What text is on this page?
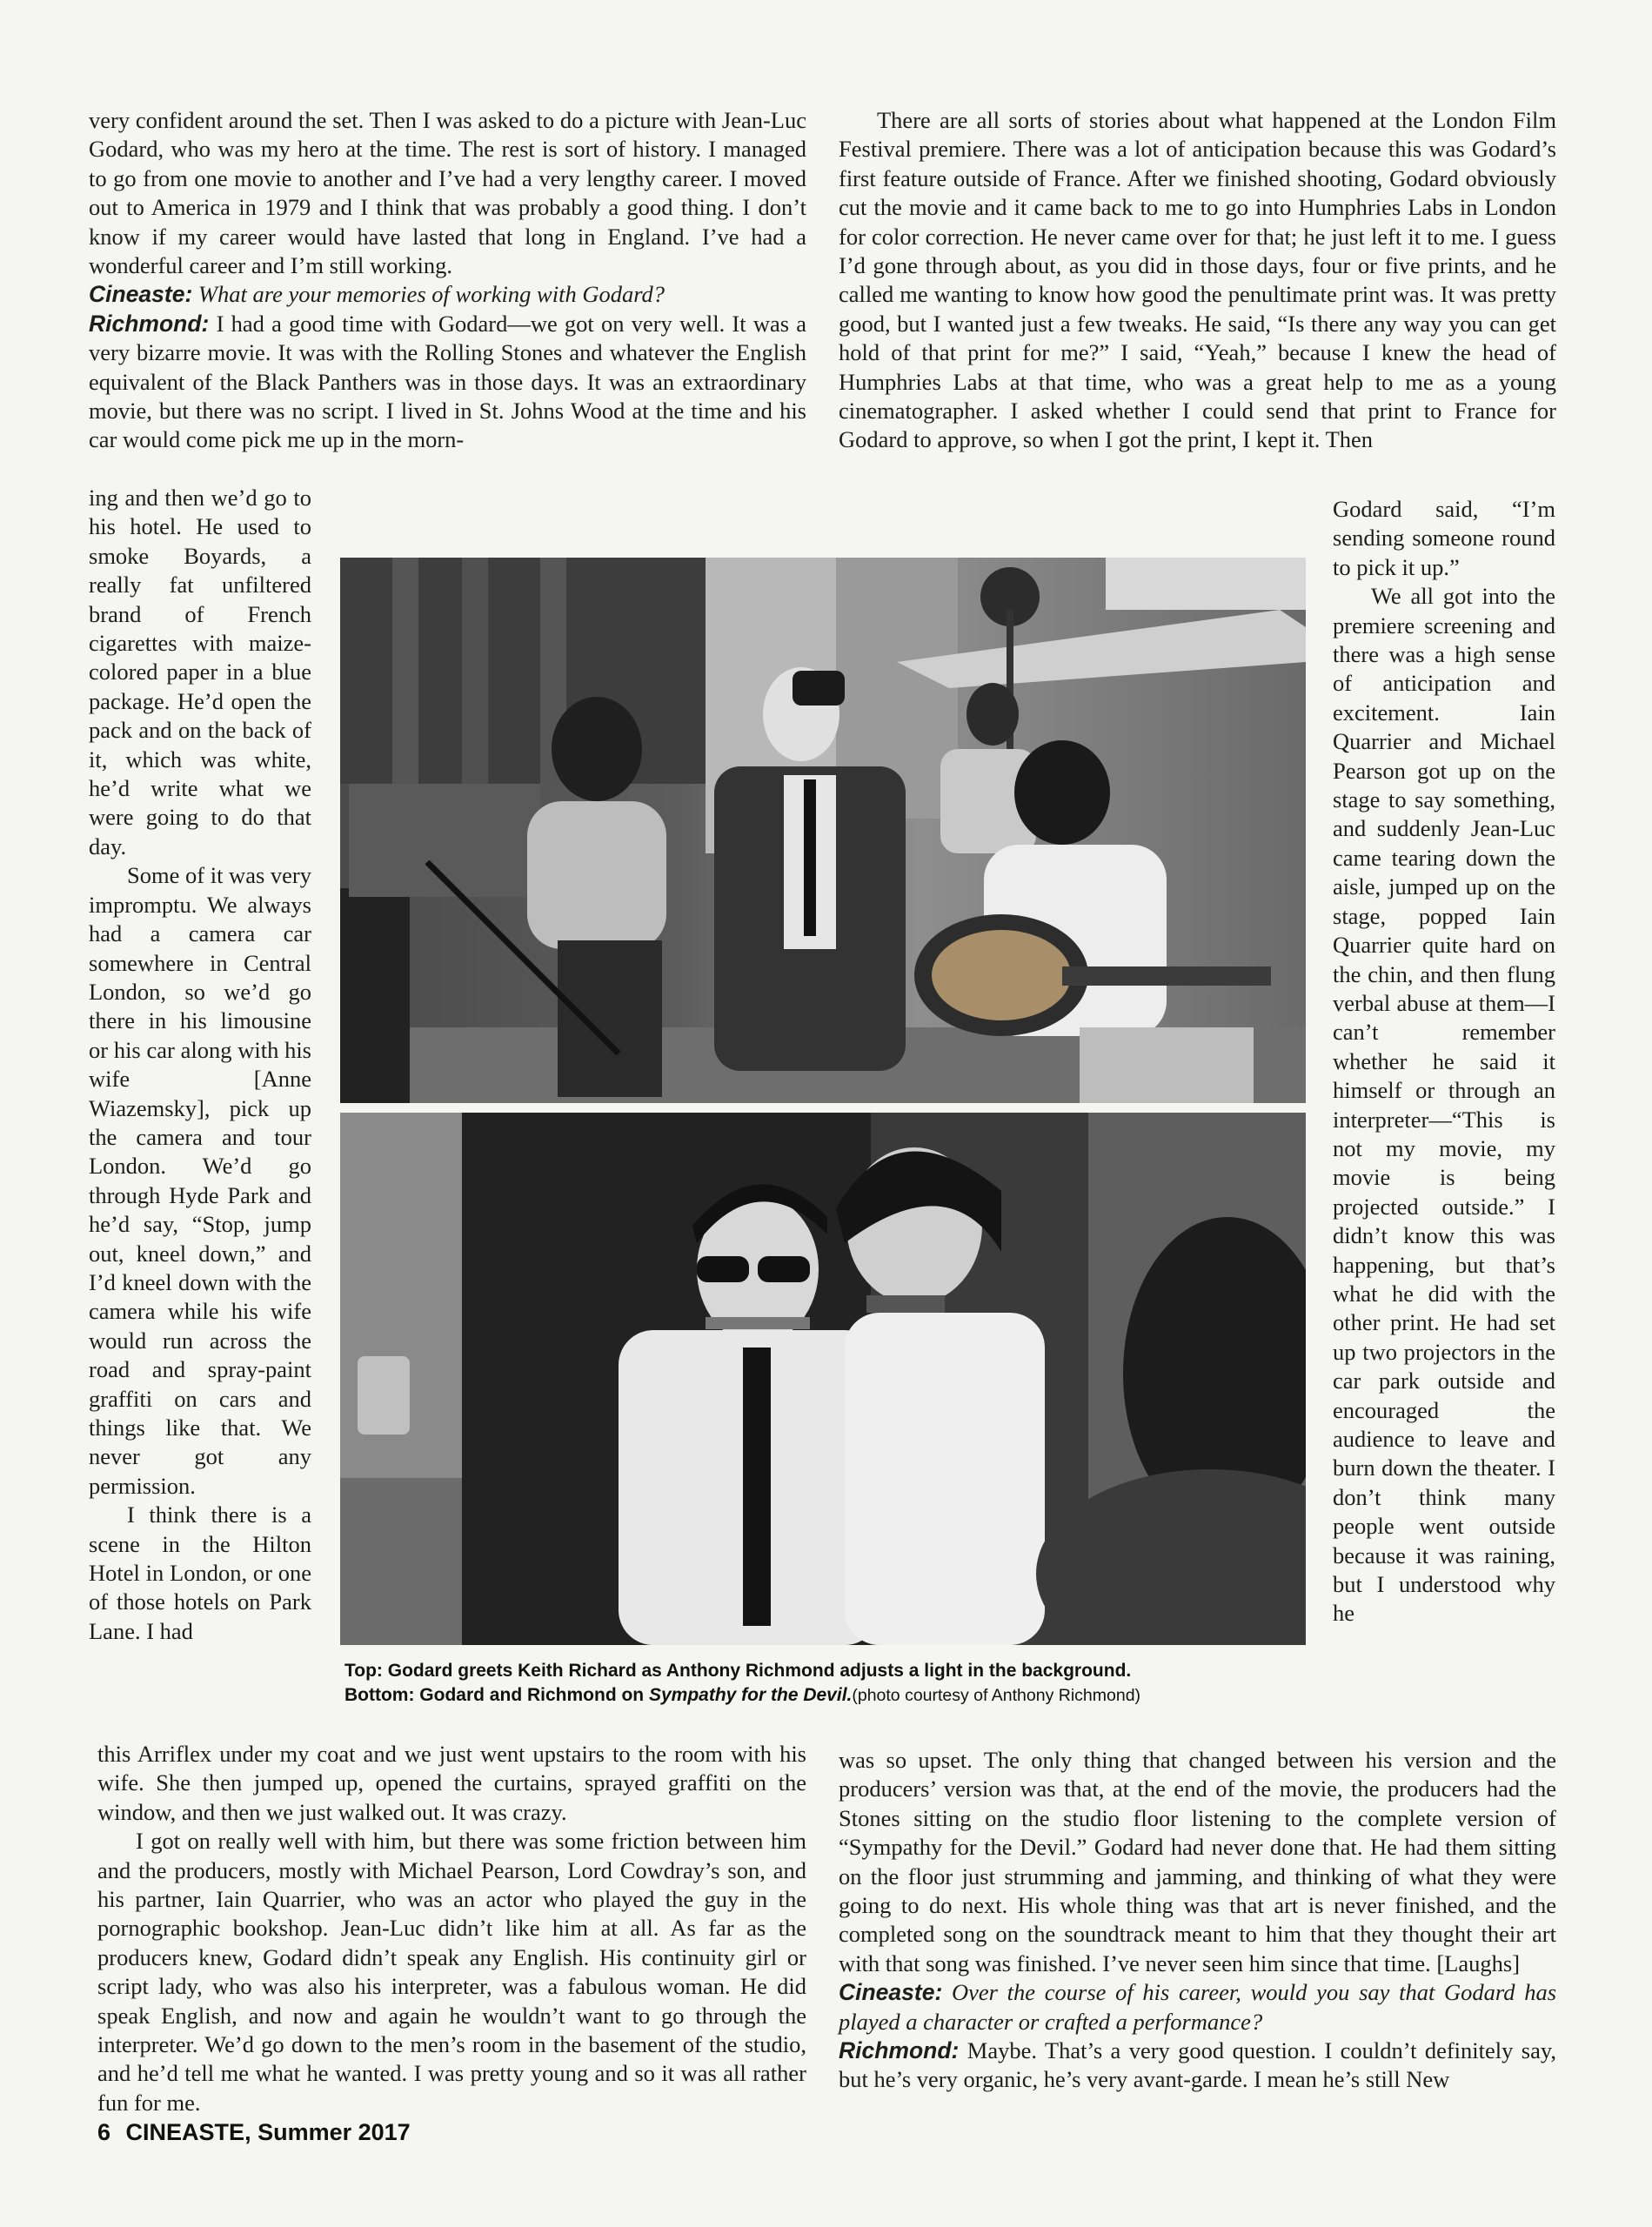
very confident around the set. Then I was asked to do a picture with Jean-Luc Godard, who was my hero at the time. The rest is sort of history. I managed to go from one movie to another and I’ve had a very lengthy career. I moved out to America in 1979 and I think that was probably a good thing. I don’t know if my career would have lasted that long in England. I’ve had a wonderful career and I’m still working.

Cineaste: What are your memories of working with Godard?

Richmond: I had a good time with Godard—we got on very well. It was a very bizarre movie. It was with the Rolling Stones and whatever the English equivalent of the Black Panthers was in those days. It was an extraordinary movie, but there was no script. I lived in St. Johns Wood at the time and his car would come pick me up in the morn-

ing and then we’d go to his hotel. He used to smoke Boyards, a really fat unfiltered brand of French cigarettes with maize-colored paper in a blue package. He’d open the pack and on the back of it, which was white, he’d write what we were going to do that day.

Some of it was very impromptu. We always had a camera car somewhere in Central London, so we’d go there in his limousine or his car along with his wife [Anne Wiazemsky], pick up the camera and tour London. We’d go through Hyde Park and he’d say, “Stop, jump out, kneel down,” and I’d kneel down with the camera while his wife would run across the road and spray-paint graffiti on cars and things like that. We never got any permission.

I think there is a scene in the Hilton Hotel in London, or one of those hotels on Park Lane. I had

this Arriflex under my coat and we just went upstairs to the room with his wife. She then jumped up, opened the curtains, sprayed graffiti on the window, and then we just walked out. It was crazy.

I got on really well with him, but there was some friction between him and the producers, mostly with Michael Pearson, Lord Cowdray’s son, and his partner, Iain Quarrier, who was an actor who played the guy in the pornographic bookshop. Jean-Luc didn’t like him at all. As far as the producers knew, Godard didn’t speak any English. His continuity girl or script lady, who was also his interpreter, was a fabulous woman. He did speak English, and now and again he wouldn’t want to go through the interpreter. We’d go down to the men’s room in the basement of the studio, and he’d tell me what he wanted. I was pretty young and so it was all rather fun for me.

There are all sorts of stories about what happened at the London Film Festival premiere. There was a lot of anticipation because this was Godard’s first feature outside of France. After we finished shooting, Godard obviously cut the movie and it came back to me to go into Humphries Labs in London for color correction. He never came over for that; he just left it to me. I guess I’d gone through about, as you did in those days, four or five prints, and he called me wanting to know how good the penultimate print was. It was pretty good, but I wanted just a few tweaks. He said, “Is there any way you can get hold of that print for me?” I said, “Yeah,” because I knew the head of Humphries Labs at that time, who was a great help to me as a young cinematographer. I asked whether I could send that print to France for Godard to approve, so when I got the print, I kept it. Then

Godard said, “I’m sending someone round to pick it up.”

We all got into the premiere screening and there was a high sense of anticipation and excitement. Iain Quarrier and Michael Pearson got up on the stage to say something, and suddenly Jean-Luc came tearing down the aisle, jumped up on the stage, popped Iain Quarrier quite hard on the chin, and then flung verbal abuse at them—I can’t remember whether he said it himself or through an interpreter—“This is not my movie, my movie is being projected outside.” I didn’t know this was happening, but that’s what he did with the other print. He had set up two projectors in the car park outside and encouraged the audience to leave and burn down the theater. I don’t think many people went outside because it was raining, but I understood why he

was so upset. The only thing that changed between his version and the producers’ version was that, at the end of the movie, the producers had the Stones sitting on the studio floor listening to the complete version of “Sympathy for the Devil.” Godard had never done that. He had them sitting on the floor just strumming and jamming, and thinking of what they were going to do next. His whole thing was that art is never finished, and the completed song on the soundtrack meant to him that they thought their art with that song was finished. I’ve never seen him since that time. [Laughs]

Cineaste: Over the course of his career, would you say that Godard has played a character or crafted a performance?

Richmond: Maybe. That’s a very good question. I couldn’t definitely say, but he’s very organic, he’s very avant-garde. I mean he’s still New

Top: Godard greets Keith Richard as Anthony Richmond adjusts a light in the background.
Bottom: Godard and Richmond on Sympathy for the Devil.(photo courtesy of Anthony Richmond)
6 CINEASTE, Summer 2017
